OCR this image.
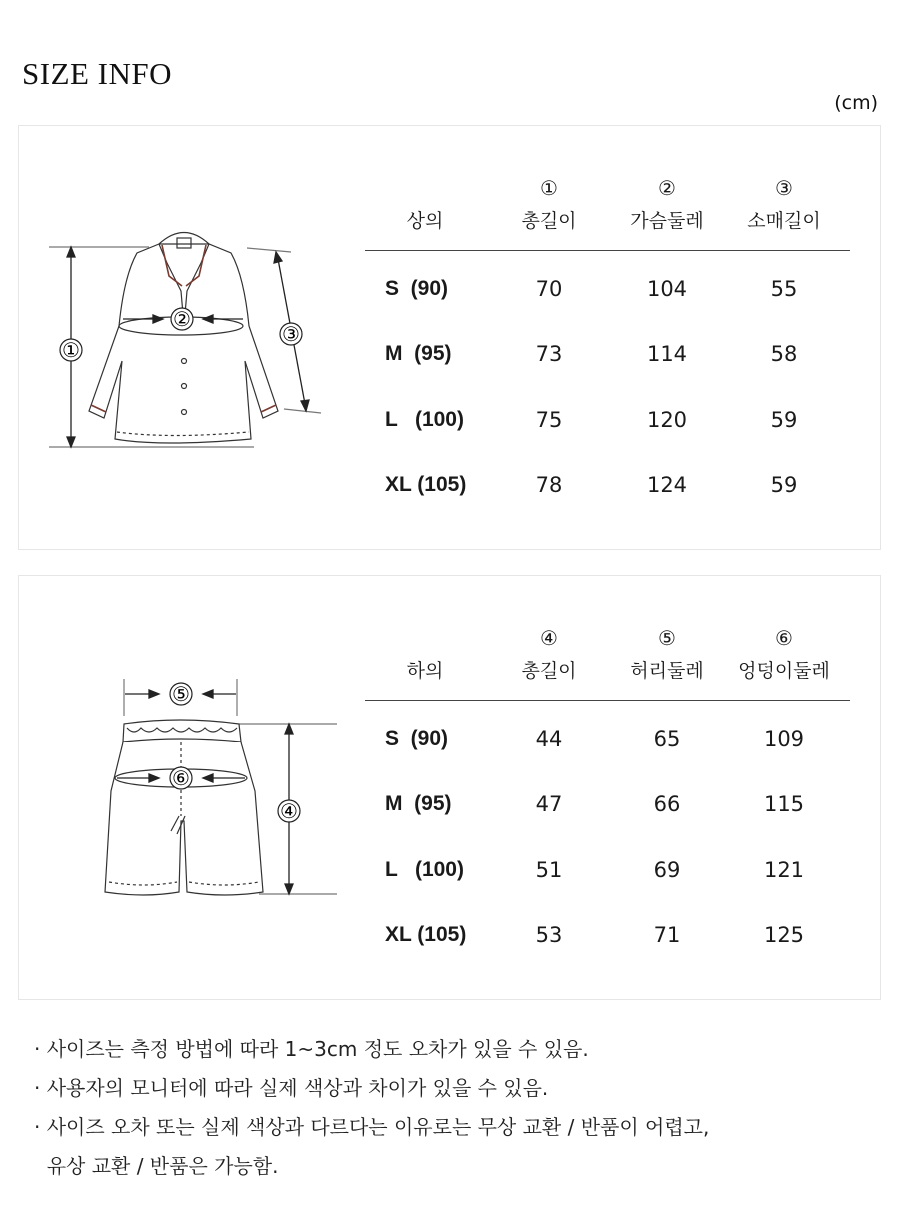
SIZE INFO
(cm)
①
②
③
①	②	③
상의	총길이	가슴둘레	소매길이
S  (90)	70	104	55
M  (95)	73	114	58
L   (100)	75	120	59
XL (105)	78	124	59
⑤
⑥
④
④	⑤	⑥
하의	총길이	허리둘레	엉덩이둘레
S  (90)	44	65	109
M  (95)	47	66	115
L   (100)	51	69	121
XL (105)	53	71	125
· 사이즈는 측정 방법에 따라 1~3cm 정도 오차가 있을 수 있음.
· 사용자의 모니터에 따라 실제 색상과 차이가 있을 수 있음.
· 사이즈 오차 또는 실제 색상과 다르다는 이유로는 무상 교환 / 반품이 어렵고,
유상 교환 / 반품은 가능함.
